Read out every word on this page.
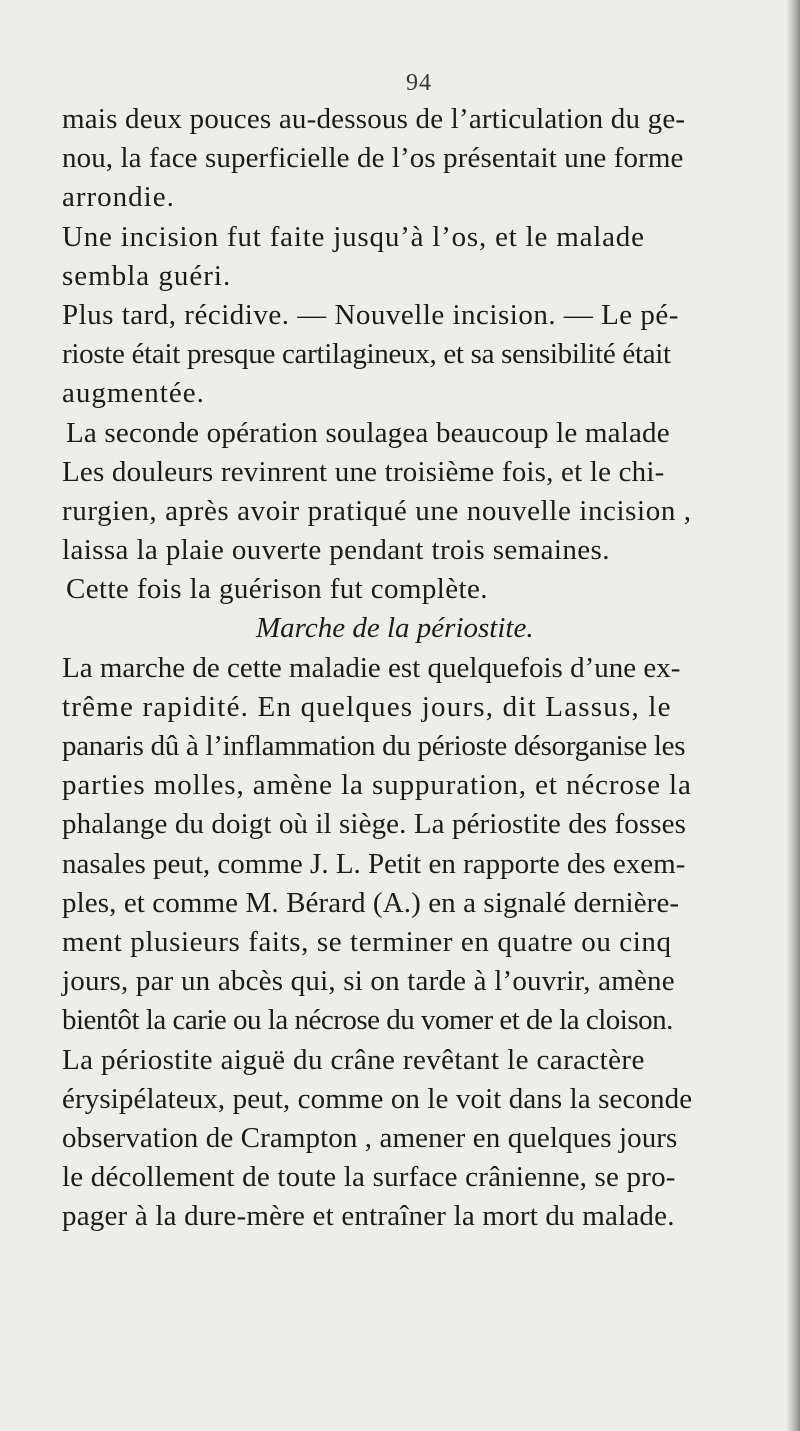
94
mais deux pouces au-dessous de l’articulation du ge-
nou, la face superficielle de l’os présentait une forme
arrondie.
Une incision fut faite jusqu’à l’os, et le malade
sembla guéri.
Plus tard, récidive. — Nouvelle incision. — Le pé-
rioste était presque cartilagineux, et sa sensibilité était
augmentée.
La seconde opération soulagea beaucoup le malade
Les douleurs revinrent une troisième fois, et le chi-
rurgien, après avoir pratiqué une nouvelle incision ,
laissa la plaie ouverte pendant trois semaines.
Cette fois la guérison fut complète.
Marche de la périostite.
La marche de cette maladie est quelquefois d’une ex-
trême rapidité. En quelques jours, dit Lassus, le
panaris dû à l’inflammation du périoste désorganise les
parties molles, amène la suppuration, et nécrose la
phalange du doigt où il siège. La périostite des fosses
nasales peut, comme J. L. Petit en rapporte des exem-
ples, et comme M. Bérard (A.) en a signalé dernière-
ment plusieurs faits, se terminer en quatre ou cinq
jours, par un abcès qui, si on tarde à l’ouvrir, amène
bientôt la carie ou la nécrose du vomer et de la cloison.
La périostite aiguë du crâne revêtant le caractère
érysipélateux, peut, comme on le voit dans la seconde
observation de Crampton , amener en quelques jours
le décollement de toute la surface crânienne, se pro-
pager à la dure-mère et entraîner la mort du malade.
